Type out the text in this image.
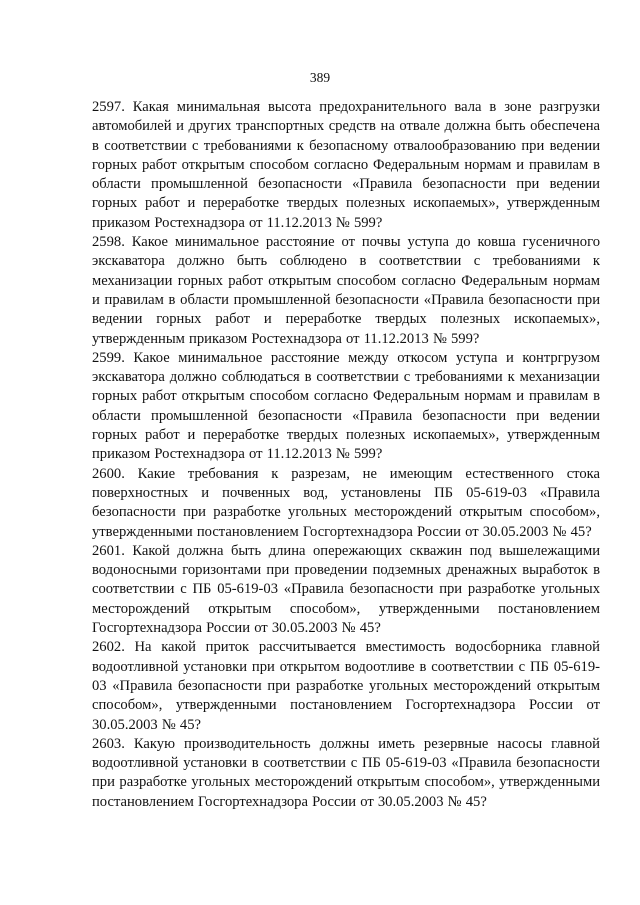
389

2597. Какая минимальная высота предохранительного вала в зоне разгрузки автомобилей и других транспортных средств на отвале должна быть обеспечена в соответствии с требованиями к безопасному отвалообразованию при ведении горных работ открытым способом согласно Федеральным нормам и правилам в области промышленной безопасности «Правила безопасности при ведении горных работ и переработке твердых полезных ископаемых», утвержденным приказом Ростехнадзора от 11.12.2013 № 599?

2598. Какое минимальное расстояние от почвы уступа до ковша гусеничного экскаватора должно быть соблюдено в соответствии с требованиями к механизации горных работ открытым способом согласно Федеральным нормам и правилам в области промышленной безопасности «Правила безопасности при ведении горных работ и переработке твердых полезных ископаемых», утвержденным приказом Ростехнадзора от 11.12.2013 № 599?

2599. Какое минимальное расстояние между откосом уступа и контргрузом экскаватора должно соблюдаться в соответствии с требованиями к механизации горных работ открытым способом согласно Федеральным нормам и правилам в области промышленной безопасности «Правила безопасности при ведении горных работ и переработке твердых полезных ископаемых», утвержденным приказом Ростехнадзора от 11.12.2013 № 599?

2600. Какие требования к разрезам, не имеющим естественного стока поверхностных и почвенных вод, установлены ПБ 05-619-03 «Правила безопасности при разработке угольных месторождений открытым способом», утвержденными постановлением Госгортехнадзора России от 30.05.2003 № 45?

2601. Какой должна быть длина опережающих скважин под вышележащими водоносными горизонтами при проведении подземных дренажных выработок в соответствии с ПБ 05-619-03 «Правила безопасности при разработке угольных месторождений открытым способом», утвержденными постановлением Госгортехнадзора России от 30.05.2003 № 45?

2602. На какой приток рассчитывается вместимость водосборника главной водоотливной установки при открытом водоотливе в соответствии с ПБ 05-619-03 «Правила безопасности при разработке угольных месторождений открытым способом», утвержденными постановлением Госгортехнадзора России от 30.05.2003 № 45?

2603. Какую производительность должны иметь резервные насосы главной водоотливной установки в соответствии с ПБ 05-619-03 «Правила безопасности при разработке угольных месторождений открытым способом», утвержденными постановлением Госгортехнадзора России от 30.05.2003 № 45?
